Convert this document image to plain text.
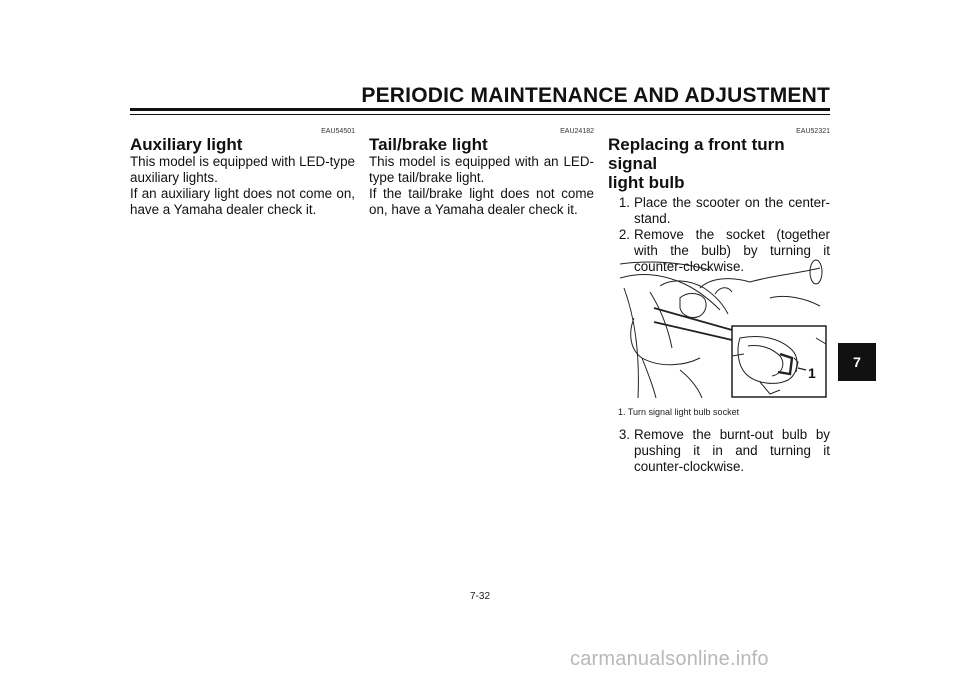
PERIODIC MAINTENANCE AND ADJUSTMENT
EAU54501
Auxiliary light
This model is equipped with LED-type auxiliary lights.
If an auxiliary light does not come on, have a Yamaha dealer check it.
EAU24182
Tail/brake light
This model is equipped with an LED-type tail/brake light.
If the tail/brake light does not come on, have a Yamaha dealer check it.
EAU52321
Replacing a front turn signal
light bulb
1. Place the scooter on the center-stand.
2. Remove the socket (together with the bulb) by turning it counter-clockwise.
1
1. Turn signal light bulb socket
3. Remove the burnt-out bulb by pushing it in and turning it counter-clockwise.
7
7-32
carmanualsonline.info
